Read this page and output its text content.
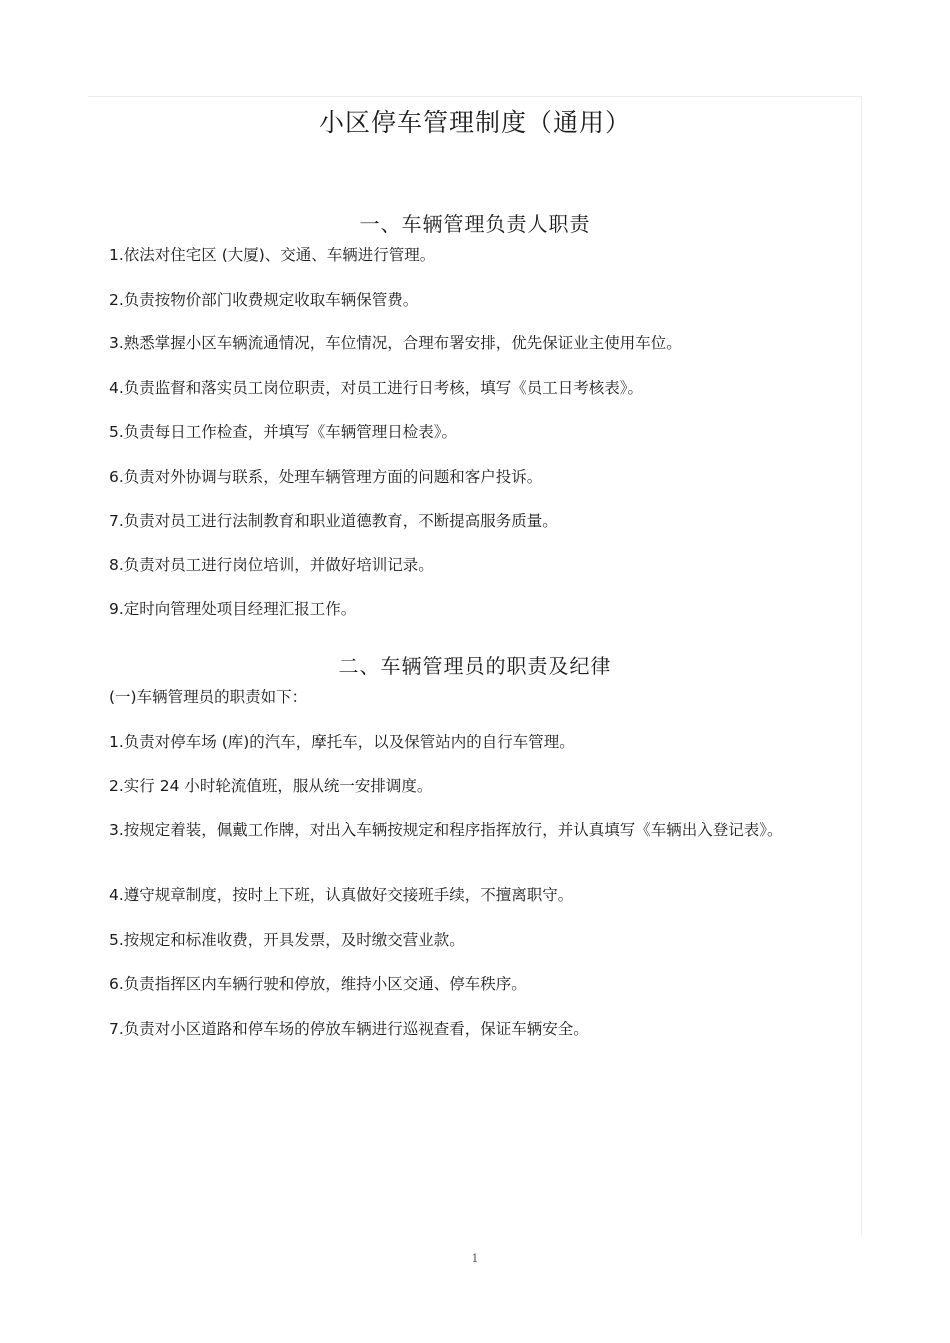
小区停车管理制度（通用）
一、车辆管理负责人职责

1.依法对住宅区 (大厦)、交通、车辆进行管理。

2.负责按物价部门收费规定收取车辆保管费。

3.熟悉掌握小区车辆流通情况，车位情况，合理布署安排，优先保证业主使用车位。

4.负责监督和落实员工岗位职责，对员工进行日考核，填写《员工日考核表》。

5.负责每日工作检查，并填写《车辆管理日检表》。

6.负责对外协调与联系，处理车辆管理方面的问题和客户投诉。

7.负责对员工进行法制教育和职业道德教育，不断提高服务质量。

8.负责对员工进行岗位培训，并做好培训记录。

9.定时向管理处项目经理汇报工作。

二、车辆管理员的职责及纪律

(一)车辆管理员的职责如下：

1.负责对停车场 (库)的汽车，摩托车，以及保管站内的自行车管理。

2.实行 24 小时轮流值班，服从统一安排调度。

3.按规定着装，佩戴工作牌，对出入车辆按规定和程序指挥放行，并认真填写《车辆出入登记表》。

4.遵守规章制度，按时上下班，认真做好交接班手续，不擅离职守。

5.按规定和标准收费，开具发票，及时缴交营业款。

6.负责指挥区内车辆行驶和停放，维持小区交通、停车秩序。

7.负责对小区道路和停车场的停放车辆进行巡视查看，保证车辆安全。

1
